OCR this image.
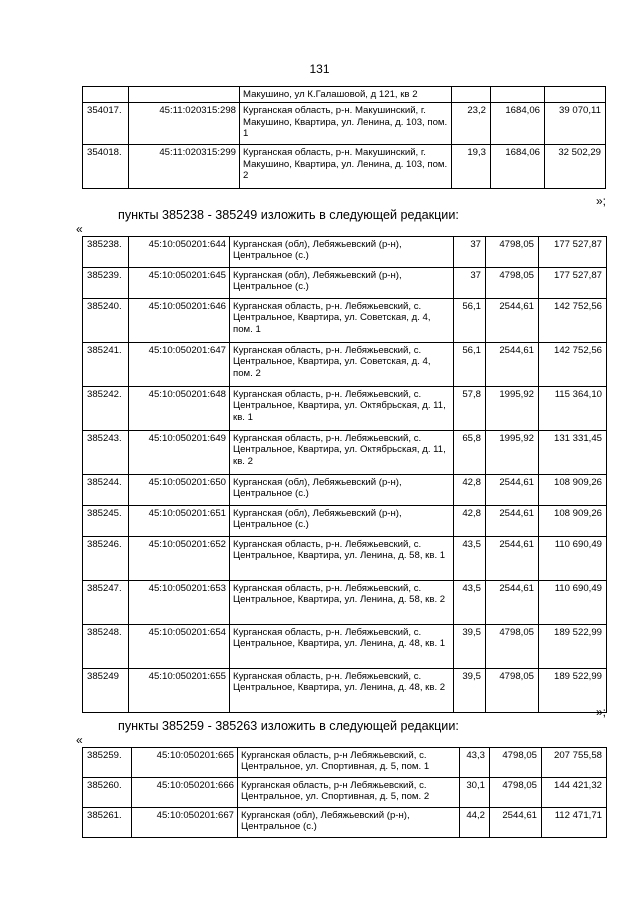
131
		Макушино, ул К.Галашовой, д 121, кв 2			
354017.	45:11:020315:298	Курганская область, р-н. Макушинский, г. Макушино, Квартира, ул. Ленина, д. 103, пом. 1	23,2	1684,06	39 070,11
354018.	45:11:020315:299	Курганская область, р-н. Макушинский, г. Макушино, Квартира, ул. Ленина, д. 103, пом. 2	19,3	1684,06	32 502,29
»;
пункты 385238 - 385249 изложить в следующей редакции:
«
385238.	45:10:050201:644	Курганская (обл), Лебяжьевский (р-н), Центральное (с.)	37	4798,05	177 527,87
385239.	45:10:050201:645	Курганская (обл), Лебяжьевский (р-н), Центральное (с.)	37	4798,05	177 527,87
385240.	45:10:050201:646	Курганская область, р-н. Лебяжьевский, с. Центральное, Квартира, ул. Советская, д. 4, пом. 1	56,1	2544,61	142 752,56
385241.	45:10:050201:647	Курганская область, р-н. Лебяжьевский, с. Центральное, Квартира, ул. Советская, д. 4, пом. 2	56,1	2544,61	142 752,56
385242.	45:10:050201:648	Курганская область, р-н. Лебяжьевский, с. Центральное, Квартира, ул. Октябрьская, д. 11, кв. 1	57,8	1995,92	115 364,10
385243.	45:10:050201:649	Курганская область, р-н. Лебяжьевский, с. Центральное, Квартира, ул. Октябрьская, д. 11, кв. 2	65,8	1995,92	131 331,45
385244.	45:10:050201:650	Курганская (обл), Лебяжьевский (р-н), Центральное (с.)	42,8	2544,61	108 909,26
385245.	45:10:050201:651	Курганская (обл), Лебяжьевский (р-н), Центральное (с.)	42,8	2544,61	108 909,26
385246.	45:10:050201:652	Курганская область, р-н. Лебяжьевский, с. Центральное, Квартира, ул. Ленина, д. 58, кв. 1	43,5	2544,61	110 690,49
385247.	45:10:050201:653	Курганская область, р-н. Лебяжьевский, с. Центральное, Квартира, ул. Ленина, д. 58, кв. 2	43,5	2544,61	110 690,49
385248.	45:10:050201:654	Курганская область, р-н. Лебяжьевский, с. Центральное, Квартира, ул. Ленина, д. 48, кв. 1	39,5	4798,05	189 522,99
385249	45:10:050201:655	Курганская область, р-н. Лебяжьевский, с. Центральное, Квартира, ул. Ленина, д. 48, кв. 2	39,5	4798,05	189 522,99
»;
пункты 385259 - 385263 изложить в следующей редакции:
«
385259.	45:10:050201:665	Курганская область, р-н Лебяжьевский, с. Центральное, ул. Спортивная, д. 5, пом. 1	43,3	4798,05	207 755,58
385260.	45:10:050201:666	Курганская область, р-н Лебяжьевский, с. Центральное, ул. Спортивная, д. 5, пом. 2	30,1	4798,05	144 421,32
385261.	45:10:050201:667	Курганская (обл), Лебяжьевский (р-н), Центральное (с.)	44,2	2544,61	112 471,71
